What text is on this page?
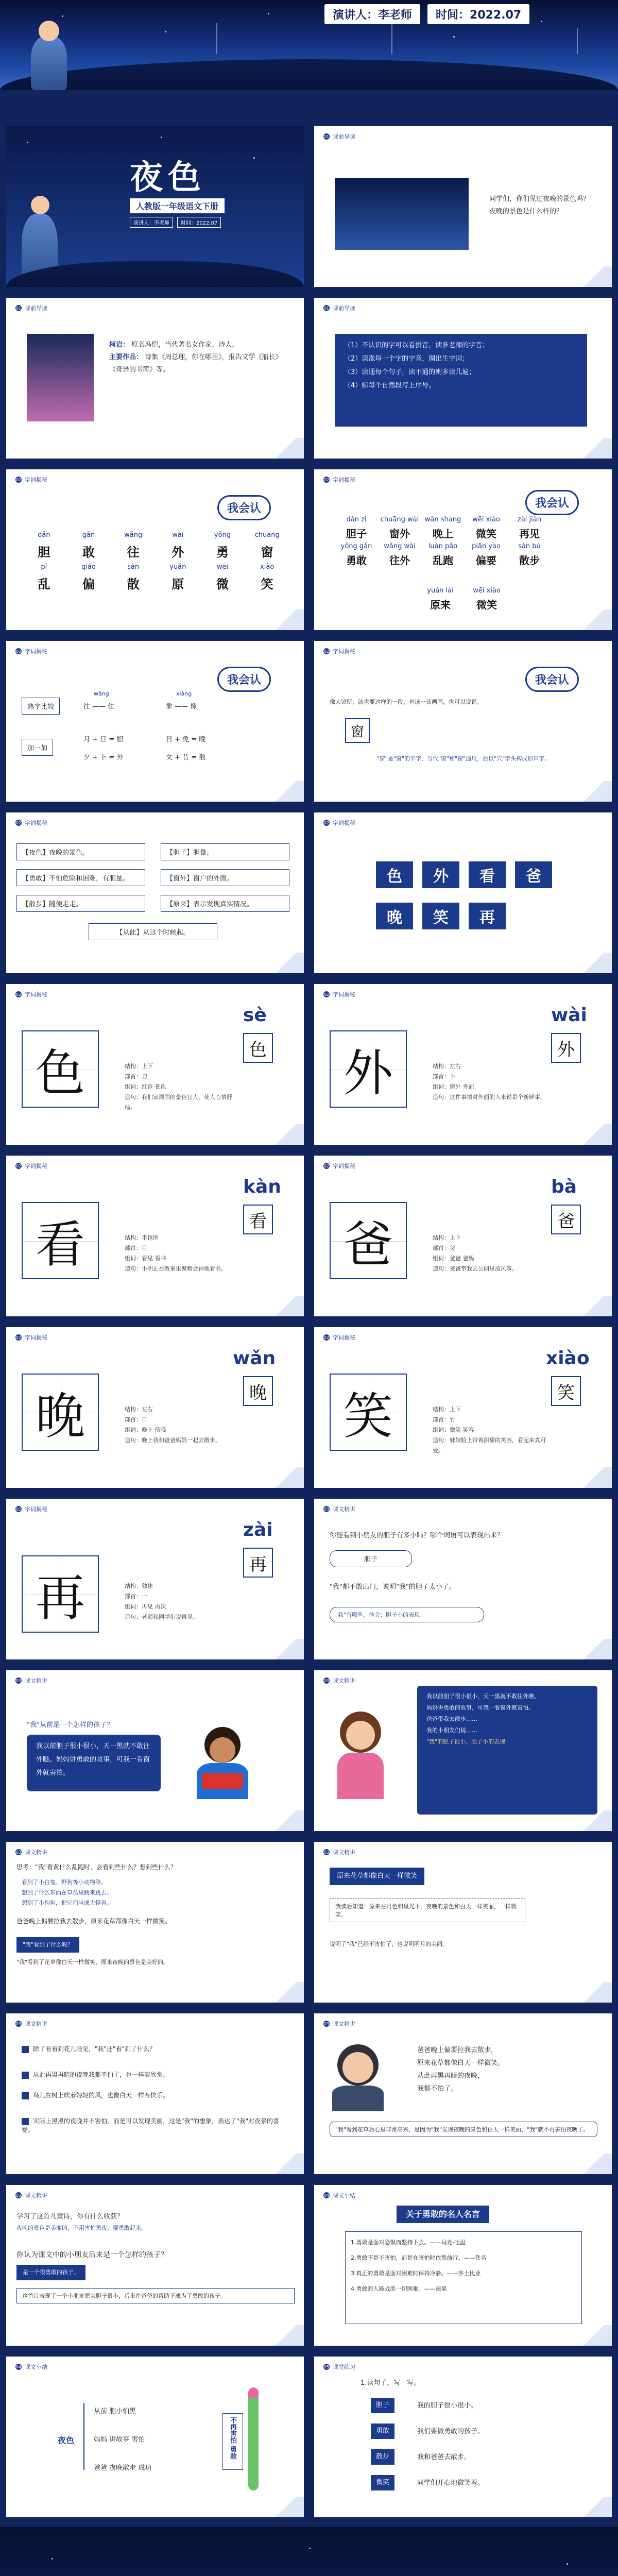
演讲人：李老师	时间：2022.07
夜色
人教版一年级语文下册
演讲人：李老师	时间：2022.07
01 课前导读
同学们，你们见过夜晚的景色吗？夜晚的景色是什么样的？
01 课前导读
柯岩： 原名冯恺，当代著名女作家、诗人。
主要作品： 诗集《周总理，你在哪里》，报告文学《船长》《奇异的书简》等。
01 课前导读
（1）不认识的字可以看拼音，读准老师的字音；
（2）读准每一个字的字音，圈出生字词；
（3）读通每个句子，读不通的则多读几遍；
（4）标每个自然段写上序号。
02 字词揭秘
我会认
dǎn	gǎn	wǎng	wài	yǒng	chuāng
胆	敢	往	外	勇	窗
pí	qiáo	sàn	yuán	wēi	xiào
乱	偏	散	原	微	笑
02 字词揭秘
我会认
dǎn zi	chuāng wài wǎn shang	wēi xiào	zài jiàn
胆子	窗外	晚上	微笑	再见
yǒng gǎn	wǎng wài	luàn pǎo	piān yào	sàn bù
勇敢	往外	乱跑	偏要	散步
yuán lái	wēi xiào
原来	微笑
02 字词揭秘
我会认
熟字比较
wǎng
往 —— 住
xiàng
象 —— 像
加一加
月 + 旦 = 胆
夕 + 卜 = 外
日 + 免 = 晚
攵 + 昔 = 散
02 字词揭秘
我会认
像大镜所，就也要这样的一段，也读一读画画，也可以说说。
窗
"窗"是"窗"的半字，当代"窗"和"窗"通用，后以"穴"字头构成形声字。
02 字词揭秘
【夜色】夜晚的景色。	【胆子】胆量。
【勇敢】不怕危险和困难，有胆量。	【窗外】窗户的外面。
【散步】随便走走。	【原来】表示发现真实情况。
【从此】从这个时候起。
02 字词揭秘
色	外	看	爸
晚	笑	再
02 字词揭秘
色
sè
色
结构：上下
部首：刀
组词：红色 景色
造句：我们家周围的景色宜人，使人心情舒畅。
02 字词揭秘
外
wài
外
结构：左右
部首：卜
组词：窗外 外面
造句：这件事情对外面的人来说是个新鲜事。
02 字词揭秘
看
kàn
看
结构：半包围
部首：目
组词：看见 看书
造句：小明正在教室里聚精会神地看书。
02 字词揭秘
爸
bà
爸
结构：上下
部首：父
组词：爸爸 爸妈
造句：爸爸带我去公园里放风筝。
02 字词揭秘
晚
wǎn
晚
结构：左右
部首：日
组词：晚上 傍晚
造句：晚上我和爸爸妈妈一起去散步。
02 字词揭秘
笑
xiào
笑
结构：上下
部首：竹
组词：微笑 笑容
造句：妹妹脸上带着甜甜的笑容，看起来真可爱。
02 字词揭秘
再
zài
再
结构：独体
部首：一
组词：再见 再次
造句：老师和同学们说再见。
03 课文精讲
你能看到小朋友的胆子有多小吗？哪个词语可以表现出来？
胆子
"我"都不敢出门，说明"我"的胆子太小了。
"我"有哪些，体会：胆子小的表现
03 课文精讲
"我"从前是一个怎样的孩子？
我以前胆子很小很小，天一黑就不敢往外瞧。妈妈讲勇敢的故事，可我一看窗外就害怕。
03 课文精讲
我以前胆子很小很小，天一黑就不敢往外瞧。
妈妈讲勇敢的故事，可我一看窗外就害怕。
爸爸带我去散步……
我的小朋友们说……
"我"的胆子很小，胆子小的表现
03 课文精讲
思考："我"看黄什么乱跑时，会看到些什么？想到些什么？
看到了小白兔、野狗等小动物等。
想到了什么东西在草丛里跳来跳去。
想到了小狗狗，把它们当成大怪兽。
爸爸晚上偏要拉我去散步，原来花草都像白天一样微笑。
"我"看到了什么呢？
"我"看到了花草像白天一样微笑，原来夜晚的景色是美好的。
03 课文精讲
原来花草都像白天一样微笑
我读后知道：原来在月色和星光下，夜晚的景色和白天一样美丽，一样微笑。
说明了"我"已经不害怕了，也说明明月的美丽。
03 课文精讲
除了看看到花儿睡觉，"我"还"看"到了什么？
从此再黑再暗的夜晚我都不怕了，也一样能欣赏。
鸟儿在树上吹着轻轻的风，也像白天一样有快乐。
实际上黑黑的夜晚并不害怕，而是可以发现美丽，这是"我"的想象，表达了"我"对夜景的喜爱。
03 课文精讲
爸爸晚上偏要拉我去散步，
原来花草都像白天一样微笑。
从此再黑再暗的夜晚，
我都不怕了。
"我"看到花草后心里非常高兴，是因为"我"发现夜晚的景色和白天一样美丽，"我"就不再害怕夜晚了。
03 课文精讲
学习了这首儿童诗，你有什么收获？
夜晚的景色是美丽的，不用害怕黑夜，要勇敢起来。
你认为课文中的小朋友后来是一个怎样的孩子？
是一个很勇敢的孩子。
这首诗表现了一个小朋友原来胆子很小，后来在爸爸的帮助下成为了勇敢的孩子。
04 课文小结
关于勇敢的名人名言
1.勇敢是面对恐惧而坚持下去。——马克·吐温
2.勇敢不是不害怕，而是在害怕时依然前行。——佚名
3.真正的勇敢是面对困难时保持冷静。——莎士比亚
4.勇敢的人能战胜一切困难。——雨果
04 课文小结
夜色
从前 胆小怕黑
妈妈 讲故事 害怕
爸爸 夜晚散步 成功
不再害怕 勇敢
05 课堂练习
1.读句子，写一写。
胆子	我的胆子很小很小。
勇敢	我们要做勇敢的孩子。
散步	我和爸爸去散步。
微笑	同学们开心地微笑着。
